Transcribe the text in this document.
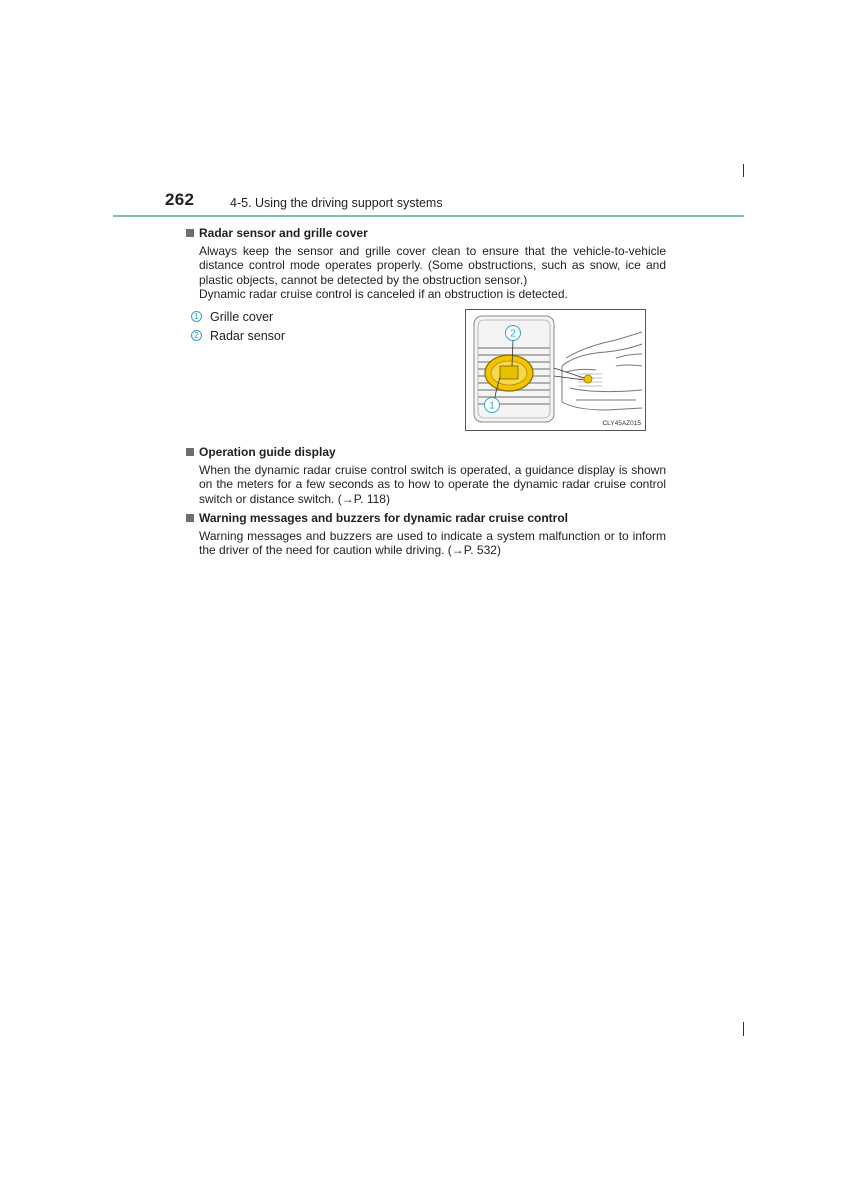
262	4-5. Using the driving support systems
Radar sensor and grille cover

Always keep the sensor and grille cover clean to ensure that the vehicle-to-vehicle distance control mode operates properly. (Some obstructions, such as snow, ice and plastic objects, cannot be detected by the obstruction sensor.)

Dynamic radar cruise control is canceled if an obstruction is detected.

1 Grille cover
2 Radar sensor	2
1
CLY45AZ015
Operation guide display

When the dynamic radar cruise control switch is operated, a guidance display is shown on the meters for a few seconds as to how to operate the dynamic radar cruise control switch or distance switch. (→P. 118)

Warning messages and buzzers for dynamic radar cruise control

Warning messages and buzzers are used to indicate a system malfunction or to inform the driver of the need for caution while driving. (→P. 532)
